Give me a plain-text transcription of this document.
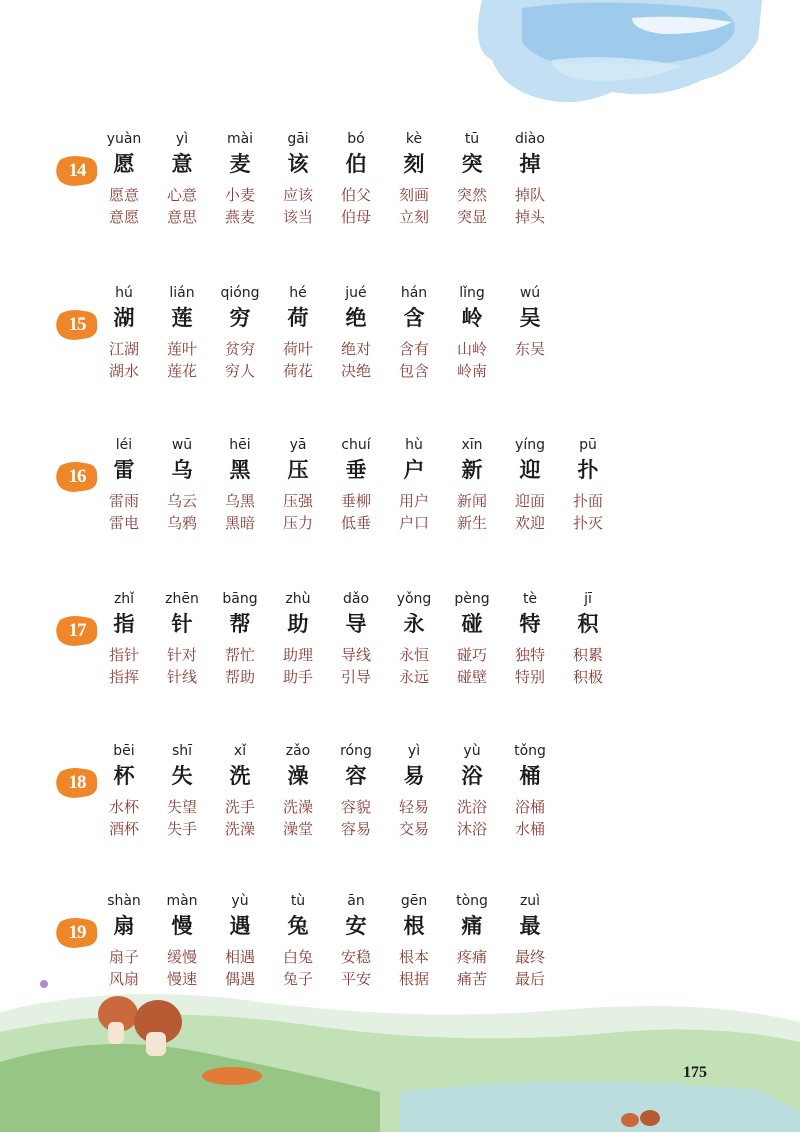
14
yuàn
愿
yì
意
mài
麦
gāi
该
bó
伯
kè
刻
tū
突
diào
掉
愿意
意愿
心意
意思
小麦
燕麦
应该
该当
伯父
伯母
刻画
立刻
突然
突显
掉队
掉头
15
hú
湖
lián
莲
qióng
穷
hé
荷
jué
绝
hán
含
lǐng
岭
wú
吴
江湖
湖水
莲叶
莲花
贫穷
穷人
荷叶
荷花
绝对
决绝
含有
包含
山岭
岭南
东吴
16
léi
雷
wū
乌
hēi
黑
yā
压
chuí
垂
hù
户
xīn
新
yíng
迎
pū
扑
雷雨
雷电
乌云
乌鸦
乌黑
黑暗
压强
压力
垂柳
低垂
用户
户口
新闻
新生
迎面
欢迎
扑面
扑灭
17
zhǐ
指
zhēn
针
bāng
帮
zhù
助
dǎo
导
yǒng
永
pèng
碰
tè
特
jī
积
指针
指挥
针对
针线
帮忙
帮助
助理
助手
导线
引导
永恒
永远
碰巧
碰壁
独特
特别
积累
积极
18
bēi
杯
shī
失
xǐ
洗
zǎo
澡
róng
容
yì
易
yù
浴
tǒng
桶
水杯
酒杯
失望
失手
洗手
洗澡
洗澡
澡堂
容貌
容易
轻易
交易
洗浴
沐浴
浴桶
水桶
19
shàn
扇
màn
慢
yù
遇
tù
兔
ān
安
gēn
根
tòng
痛
zuì
最
扇子
风扇
缓慢
慢速
相遇
偶遇
白兔
兔子
安稳
平安
根本
根据
疼痛
痛苦
最终
最后
175
